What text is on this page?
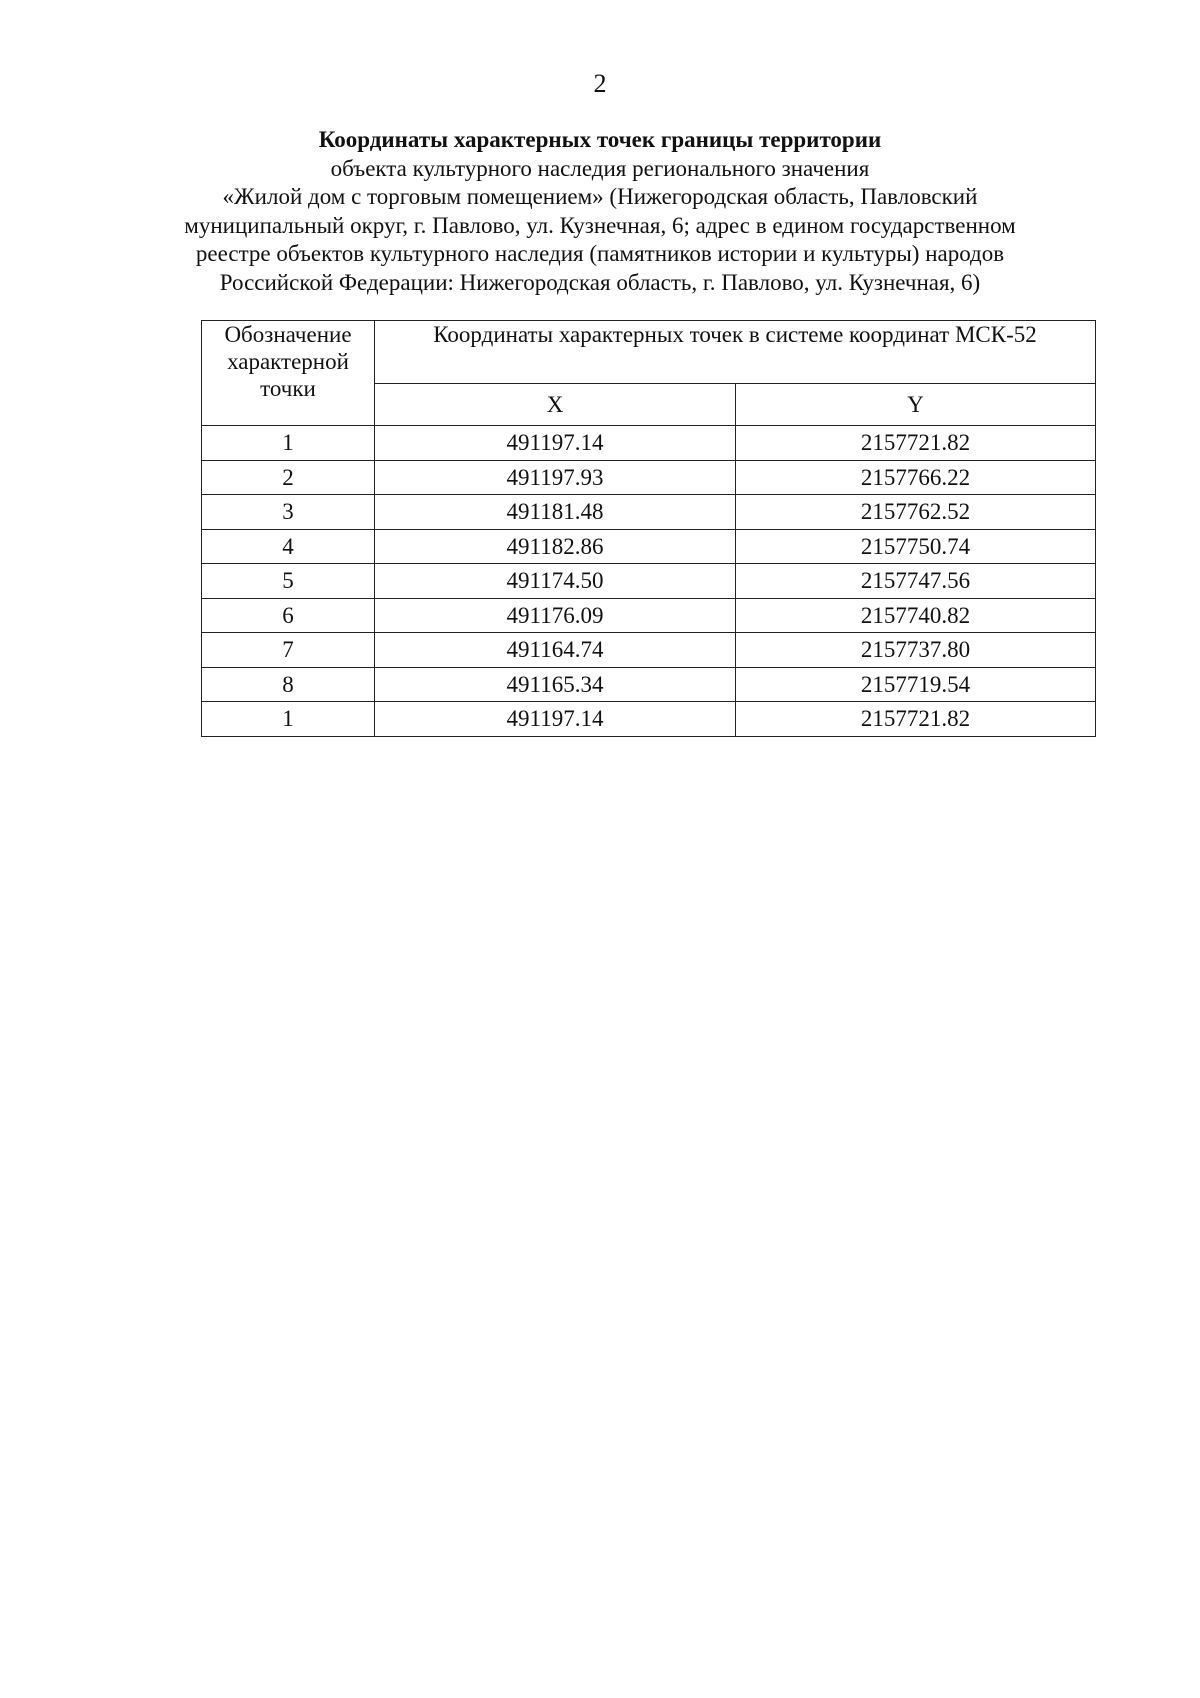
2
Координаты характерных точек границы территории
объекта культурного наследия регионального значения
«Жилой дом с торговым помещением» (Нижегородская область, Павловский
муниципальный округ, г. Павлово, ул. Кузнечная, 6; адрес в едином государственном
реестре объектов культурного наследия (памятников истории и культуры) народов
Российской Федерации: Нижегородская область, г. Павлово, ул. Кузнечная, 6)
Обозначение характерной точки	Координаты характерных точек в системе координат МСК-52	
	X	Y
1	491197.14	2157721.82
2	491197.93	2157766.22
3	491181.48	2157762.52
4	491182.86	2157750.74
5	491174.50	2157747.56
6	491176.09	2157740.82
7	491164.74	2157737.80
8	491165.34	2157719.54
1	491197.14	2157721.82
